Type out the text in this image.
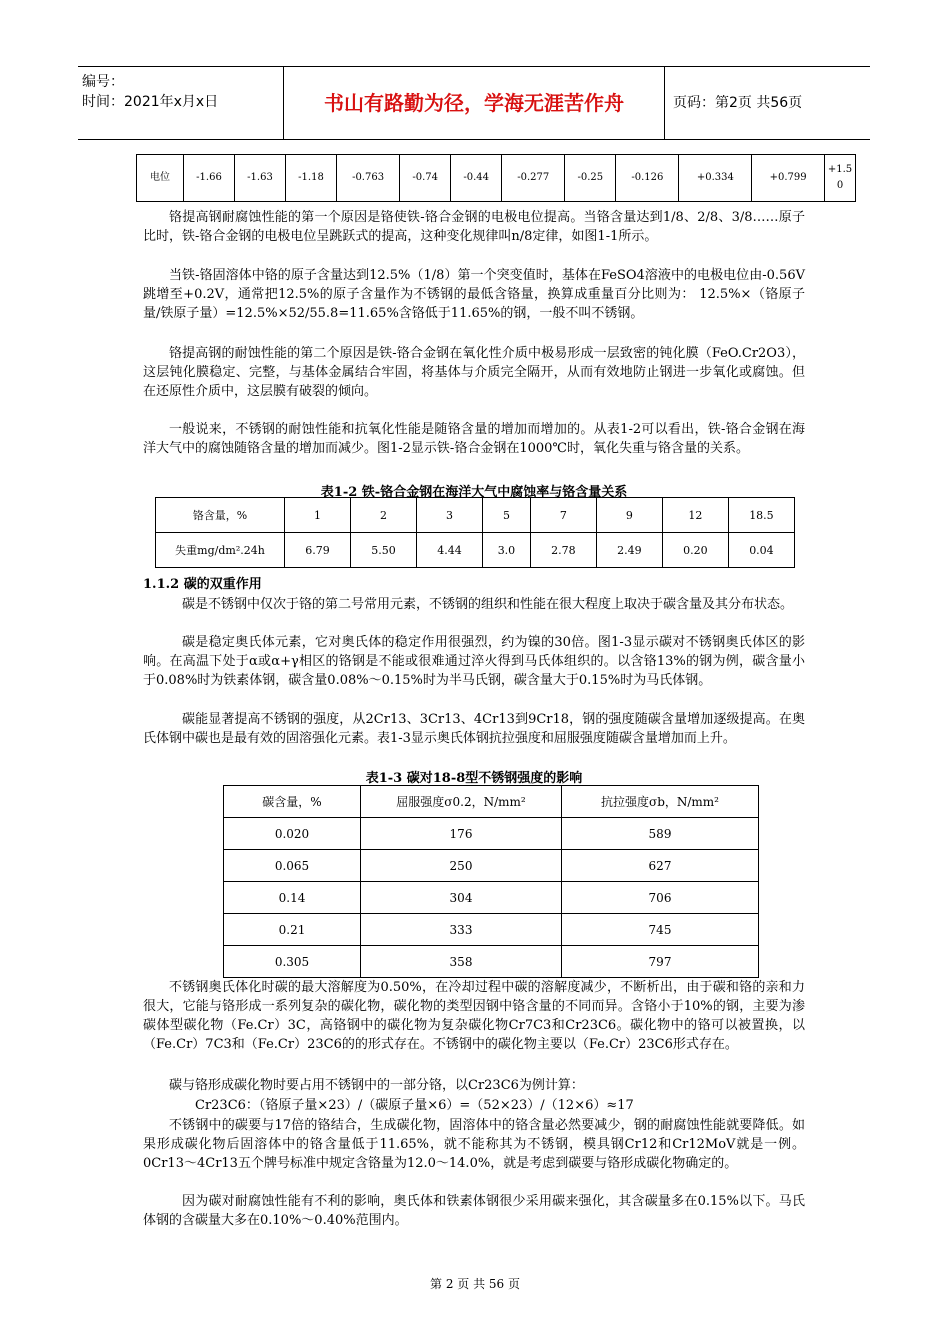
编号：
时间：2021年x月x日	书山有路勤为径，学海无涯苦作舟	页码：第2页 共56页
电位	-1.66	-1.63	-1.18	-0.763	-0.74	-0.44	-0.277	-0.25	-0.126	+0.334	+0.799	+1.50
铬提高钢耐腐蚀性能的第一个原因是铬使铁-铬合金钢的电极电位提高。当铬含量达到1/8、2/8、3/8……原子比时，铁-铬合金钢的电极电位呈跳跃式的提高，这种变化规律叫n/8定律，如图1-1所示。
当铁-铬固溶体中铬的原子含量达到12.5%（1/8）第一个突变值时，基体在FeSO4溶液中的电极电位由-0.56V跳增至+0.2V，通常把12.5%的原子含量作为不锈钢的最低含铬量，换算成重量百分比则为： 12.5%×（铬原子量/铁原子量）=12.5%×52/55.8=11.65%含铬低于11.65%的钢，一般不叫不锈钢。
铬提高钢的耐蚀性能的第二个原因是铁-铬合金钢在氧化性介质中极易形成一层致密的钝化膜（FeO.Cr2O3），这层钝化膜稳定、完整，与基体金属结合牢固，将基体与介质完全隔开，从而有效地防止钢进一步氧化或腐蚀。但在还原性介质中，这层膜有破裂的倾向。
一般说来，不锈钢的耐蚀性能和抗氧化性能是随铬含量的增加而增加的。从表1-2可以看出，铁-铬合金钢在海洋大气中的腐蚀随铬含量的增加而减少。图1-2显示铁-铬合金钢在1000℃时，氧化失重与铬含量的关系。
表1-2 铁-铬合金钢在海洋大气中腐蚀率与铬含量关系
铬含量，%	1	2	3	5	7	9	12	18.5
失重mg/dm².24h	6.79	5.50	4.44	3.0	2.78	2.49	0.20	0.04
1.1.2 碳的双重作用
碳是不锈钢中仅次于铬的第二号常用元素，不锈钢的组织和性能在很大程度上取决于碳含量及其分布状态。
碳是稳定奥氏体元素，它对奥氏体的稳定作用很强烈，约为镍的30倍。图1-3显示碳对不锈钢奥氏体区的影响。在高温下处于α或α+γ相区的铬钢是不能或很难通过淬火得到马氏体组织的。以含铬13%的钢为例，碳含量小于0.08%时为铁素体钢，碳含量0.08%～0.15%时为半马氏钢，碳含量大于0.15%时为马氏体钢。
碳能显著提高不锈钢的强度，从2Cr13、3Cr13、4Cr13到9Cr18，钢的强度随碳含量增加逐级提高。在奥氏体钢中碳也是最有效的固溶强化元素。表1-3显示奥氏体钢抗拉强度和屈服强度随碳含量增加而上升。
表1-3 碳对18-8型不锈钢强度的影响
碳含量，%	屈服强度σ0.2，N/mm²	抗拉强度σb，N/mm²
0.020	176	589
0.065	250	627
0.14	304	706
0.21	333	745
0.305	358	797
不锈钢奥氏体化时碳的最大溶解度为0.50%，在冷却过程中碳的溶解度减少，不断析出，由于碳和铬的亲和力很大，它能与铬形成一系列复杂的碳化物，碳化物的类型因钢中铬含量的不同而异。含铬小于10%的钢，主要为渗碳体型碳化物（Fe.Cr）3C，高铬钢中的碳化物为复杂碳化物Cr7C3和Cr23C6。碳化物中的铬可以被置换，以（Fe.Cr）7C3和（Fe.Cr）23C6的的形式存在。不锈钢中的碳化物主要以（Fe.Cr）23C6形式存在。
碳与铬形成碳化物时要占用不锈钢中的一部分铬，以Cr23C6为例计算：
Cr23C6：（铬原子量×23）/（碳原子量×6）=（52×23）/（12×6）≈17
不锈钢中的碳要与17倍的铬结合，生成碳化物，固溶体中的铬含量必然要减少，钢的耐腐蚀性能就要降低。如果形成碳化物后固溶体中的铬含量低于11.65%，就不能称其为不锈钢，模具钢Cr12和Cr12MoV就是一例。0Cr13～4Cr13五个牌号标准中规定含铬量为12.0～14.0%，就是考虑到碳要与铬形成碳化物确定的。
因为碳对耐腐蚀性能有不利的影响，奥氏体和铁素体钢很少采用碳来强化，其含碳量多在0.15%以下。马氏体钢的含碳量大多在0.10%～0.40%范围内。
第 2 页 共 56 页
